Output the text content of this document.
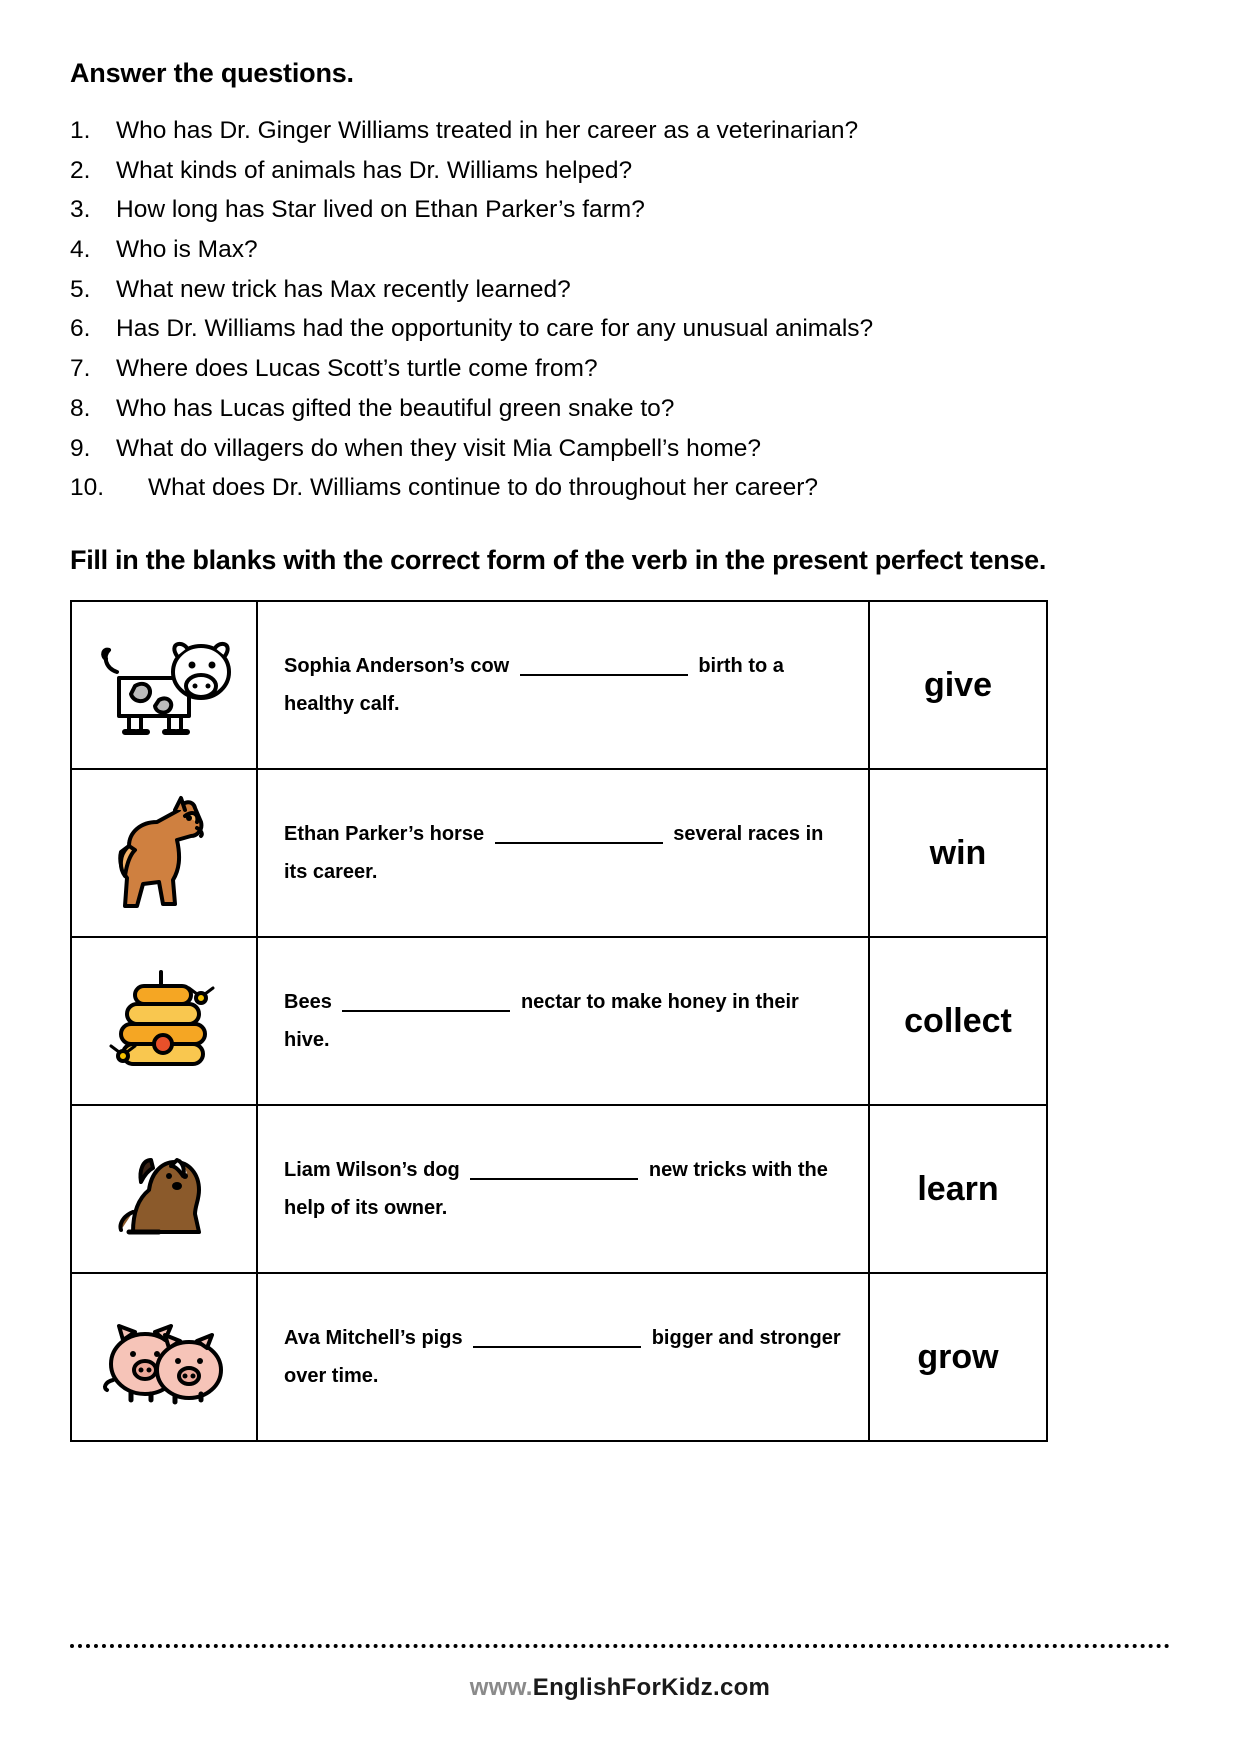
Answer the questions.
1.	Who has Dr. Ginger Williams treated in her career as a veterinarian?
2.	What kinds of animals has Dr. Williams helped?
3.	How long has Star lived on Ethan Parker’s farm?
4.	Who is Max?
5.	What new trick has Max recently learned?
6.	Has Dr. Williams had the opportunity to care for any unusual animals?
7.	Where does Lucas Scott’s turtle come from?
8.	Who has Lucas gifted the beautiful green snake to?
9.	What do villagers do when they visit Mia Campbell’s home?
10.	What does Dr. Williams continue to do throughout her career?
Fill in the blanks with the correct form of the verb in the present perfect tense.
	Sophia Anderson’s cow birth to a healthy calf.	give

	Ethan Parker’s horse several races in its career.	win

	Bees nectar to make honey in their hive.	collect

	Liam Wilson’s dog new tricks with the help of its owner.	learn

	Ava Mitchell’s pigs bigger and stronger over time.	grow
www.EnglishForKidz.com
